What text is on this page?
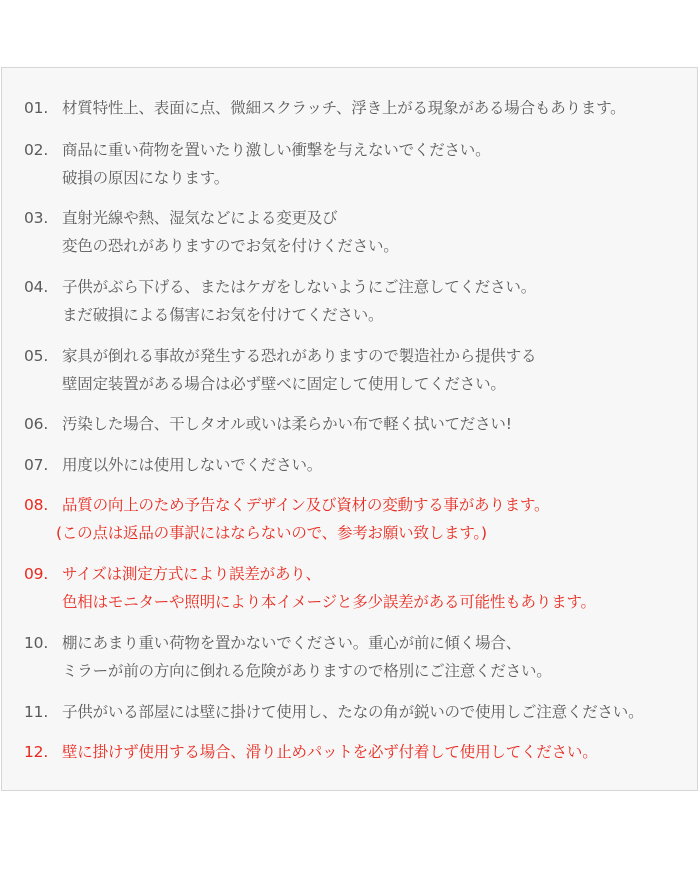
01. 材質特性上、表面に点、微細スクラッチ、浮き上がる現象がある場合もあります。
02. 商品に重い荷物を置いたり激しい衝撃を与えないでください。
破損の原因になります。
03. 直射光線や熱、湿気などによる変更及び
変色の恐れがありますのでお気を付けください。
04. 子供がぶら下げる、またはケガをしないようにご注意してください。
まだ破損による傷害にお気を付けてください。
05. 家具が倒れる事故が発生する恐れがありますので製造社から提供する
壁固定装置がある場合は必ず壁べに固定して使用してください。
06. 汚染した場合、干しタオル或いは柔らかい布で軽く拭いてださい!
07. 用度以外には使用しないでください。
08. 品質の向上のため予告なくデザイン及び資材の変動する事があります。
(この点は返品の事訳にはならないので、参考お願い致します。)
09. サイズは測定方式により誤差があり、
色相はモニターや照明により本イメージと多少誤差がある可能性もあります。
10. 棚にあまり重い荷物を置かないでください。重心が前に傾く場合、
ミラーが前の方向に倒れる危険がありますので格別にご注意ください。
11. 子供がいる部屋には壁に掛けて使用し、たなの角が鋭いので使用しご注意ください。
12. 壁に掛けず使用する場合、滑り止めパットを必ず付着して使用してください。
